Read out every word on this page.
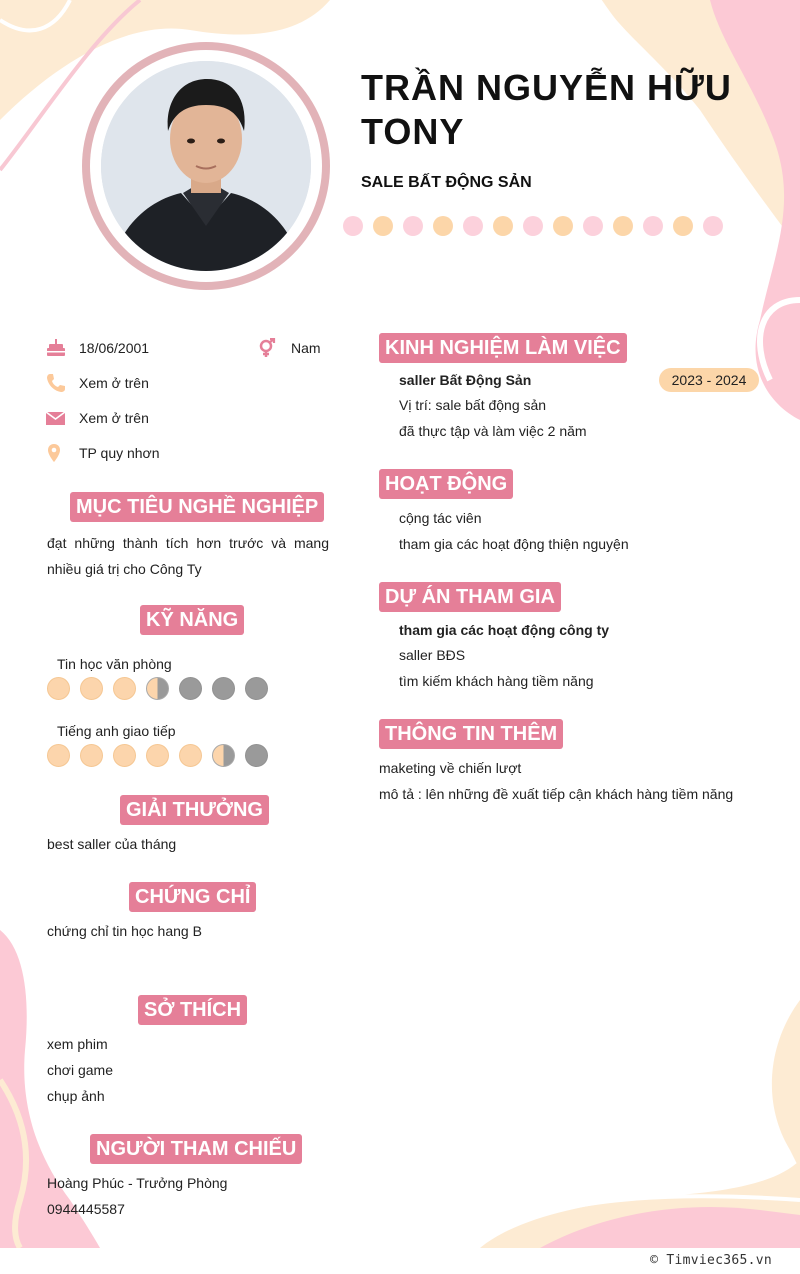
TRẦN NGUYỄN HỮU TONY
SALE BẤT ĐỘNG SẢN
18/06/2001	Nam
Xem ở trên
Xem ở trên
TP quy nhơn
MỤC TIÊU NGHỀ NGHIỆP
đạt những thành tích hơn trước và mang nhiều giá trị cho Công Ty
KỸ NĂNG
Tin học văn phòng
Tiếng anh giao tiếp
GIẢI THƯỞNG
best saller của tháng
CHỨNG CHỈ
chứng chỉ tin học hang B
SỞ THÍCH
xem phim
chơi game
chụp ảnh
NGƯỜI THAM CHIẾU
Hoàng Phúc - Trưởng Phòng
0944445587
KINH NGHIỆM LÀM VIỆC
saller Bất Động Sản	2023 - 2024
Vị trí: sale bất động sản
đã thực tập và làm việc 2 năm
HOẠT ĐỘNG
cộng tác viên
tham gia các hoạt động thiện nguyện
DỰ ÁN THAM GIA
tham gia các hoạt động công ty
saller BĐS
tìm kiếm khách hàng tiềm năng
THÔNG TIN THÊM
maketing về chiến lượt
mô tả : lên những đề xuất tiếp cận khách hàng tiềm năng
© Timviec365.vn
